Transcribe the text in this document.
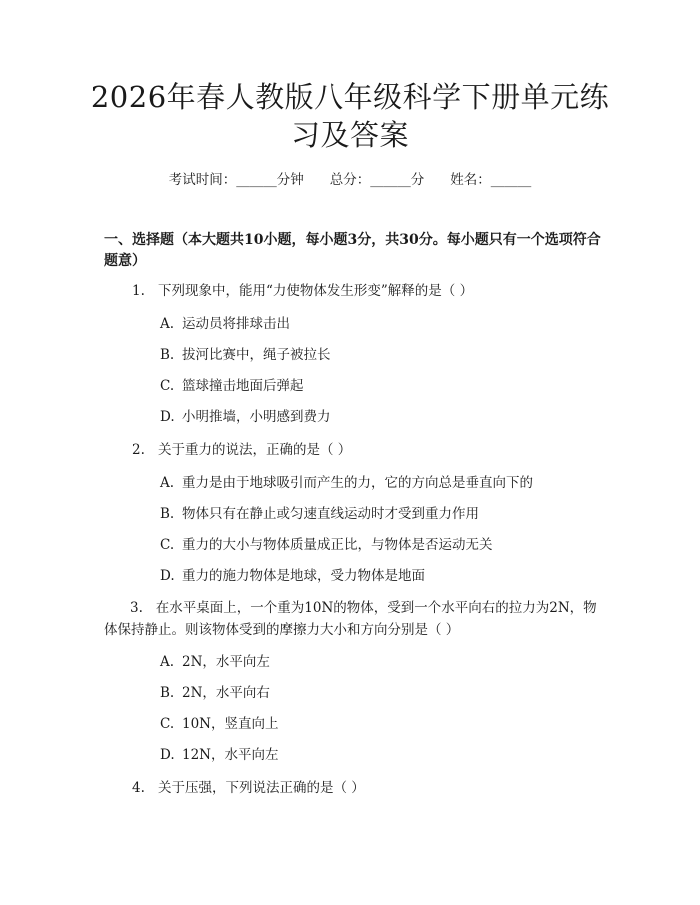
2026年春人教版八年级科学下册单元练习及答案
考试时间：______分钟 总分：______分 姓名：______
一、选择题（本大题共10小题，每小题3分，共30分。每小题只有一个选项符合题意）
1. 下列现象中，能用“力使物体发生形变”解释的是（ ）
A. 运动员将排球击出
B. 拔河比赛中，绳子被拉长
C. 篮球撞击地面后弹起
D. 小明推墙，小明感到费力
2. 关于重力的说法，正确的是（ ）
A. 重力是由于地球吸引而产生的力，它的方向总是垂直向下的
B. 物体只有在静止或匀速直线运动时才受到重力作用
C. 重力的大小与物体质量成正比，与物体是否运动无关
D. 重力的施力物体是地球，受力物体是地面
3. 在水平桌面上，一个重为10N的物体，受到一个水平向右的拉力为2N，物体保持静止。则该物体受到的摩擦力大小和方向分别是（ ）
A. 2N，水平向左
B. 2N，水平向右
C. 10N，竖直向上
D. 12N，水平向左
4. 关于压强，下列说法正确的是（ ）
